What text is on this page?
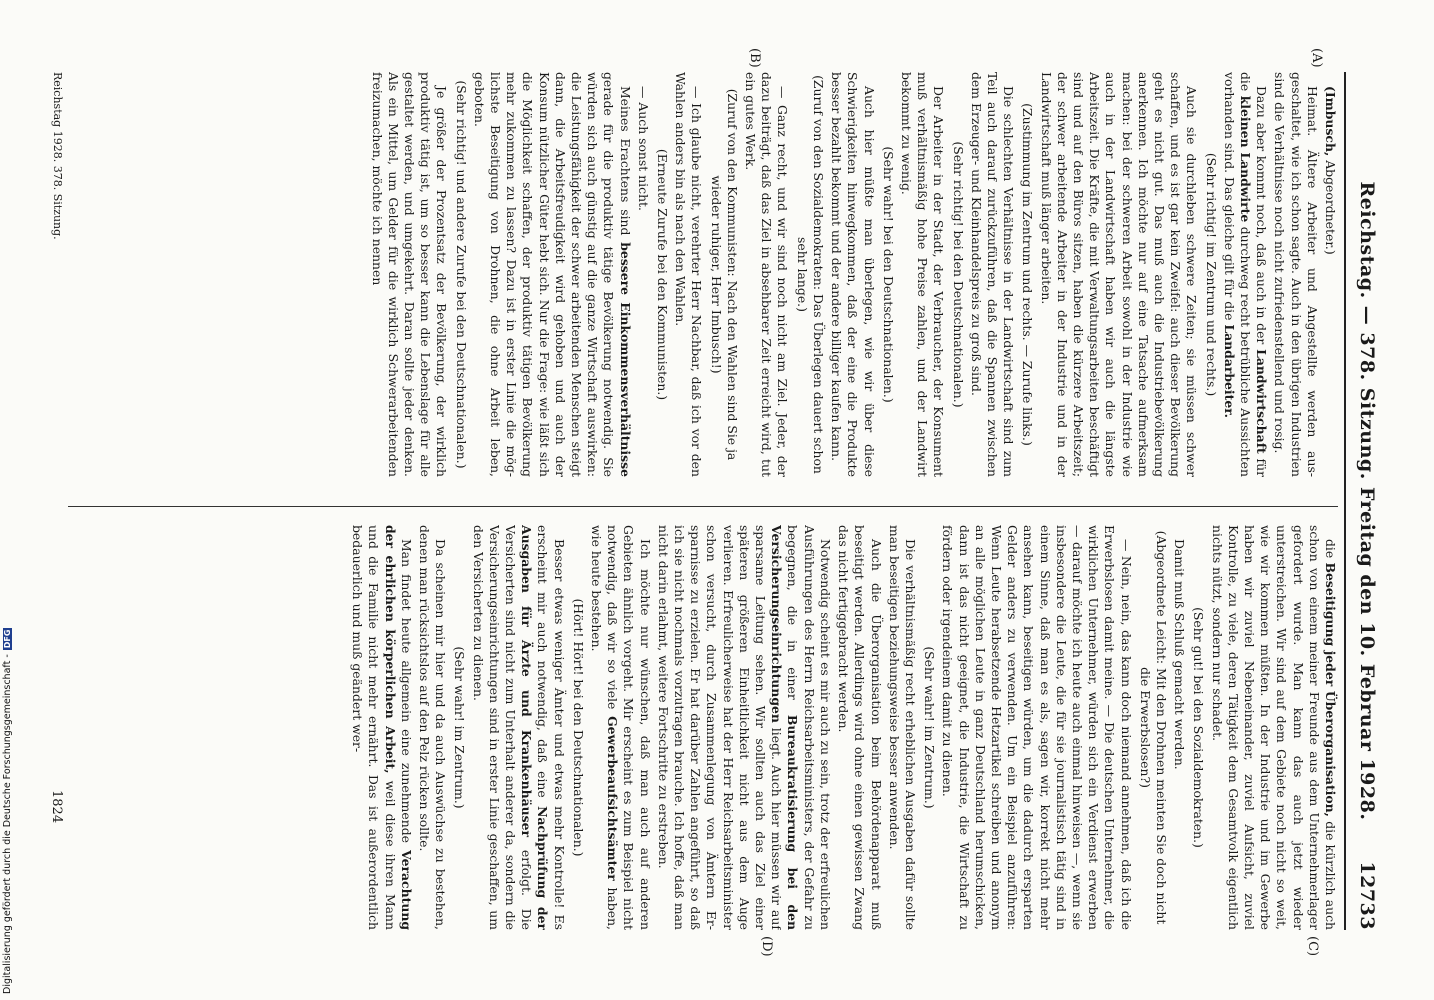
Reichstag. — 378. Sitzung. Freitag den 10. Februar 1928.
12733
(A)
(B)
(C)
(D)

(Imbusch, Abgeordneter.)

Heimat. Ältere Arbeiter und Angestellte werden ausgeschaltet, wie ich schon sagte. Auch in den übrigen Industrien sind die Verhältnisse noch nicht zufriedenstellend und rosig.

Dazu aber kommt noch, daß auch in der Landwirtschaft für die kleinen Landwirte durchweg recht betrübliche Aussichten vorhanden sind. Das gleiche gilt für die Landarbeiter.

(Sehr richtig! im Zentrum und rechts.)

Auch sie durchleben schwere Zeiten; sie müssen schwer schaffen, und es ist gar kein Zweifel: auch dieser Bevölkerung geht es nicht gut. Das muß auch die Industriebevölkerung anerkennen. Ich möchte nur auf eine Tatsache aufmerksam machen: bei der schweren Arbeit sowohl in der Industrie wie auch in der Landwirtschaft haben wir auch die längste Arbeitszeit. Die Kräfte, die mit Verwaltungsarbeiten beschäftigt sind und auf den Büros sitzen, haben die kürzere Arbeitszeit; der schwer arbeitende Arbeiter in der Industrie und in der Landwirtschaft muß länger arbeiten.

(Zustimmung im Zentrum und rechts. — Zurufe links.)

Die schlechten Verhältnisse in der Landwirtschaft sind zum Teil auch darauf zurückzuführen, daß die Spannen zwischen dem Erzeuger- und Kleinhandelspreis zu groß sind.

(Sehr richtig! bei den Deutschnationalen.)

Der Arbeiter in der Stadt, der Verbraucher, der Konsument muß verhältnismäßig hohe Preise zahlen, und der Landwirt bekommt zu wenig.

(Sehr wahr! bei den Deutschnationalen.)

Auch hier müßte man überlegen, wie wir über diese Schwierigkeiten hinwegkommen, daß der eine die Produkte besser bezahlt bekommt und der andere billiger kaufen kann.

(Zuruf von den Sozialdemokraten: Das Überlegen dauert schon sehr lange.)

— Ganz recht, und wir sind noch nicht am Ziel. Jeder, der dazu beiträgt, daß das Ziel in absehbarer Zeit erreicht wird, tut ein gutes Werk.

(Zuruf von den Kommunisten: Nach den Wahlen sind Sie ja wieder ruhiger, Herr Imbusch!)

— Ich glaube nicht, verehrter Herr Nachbar, daß ich vor den Wahlen anders bin als nach den Wahlen.

(Erneute Zurufe bei den Kommunisten.)

— Auch sonst nicht.

Meines Erachtens sind bessere Einkommensverhältnisse gerade für die produktiv tätige Bevölkerung notwendig. Sie würden sich auch günstig auf die ganze Wirtschaft auswirken: die Leistungsfähigkeit der schwer arbeitenden Menschen steigt dann, die Arbeitsfreudigkeit wird gehoben und auch der Konsum nützlicher Güter hebt sich. Nur die Frage: wie läßt sich die Möglichkeit schaffen, der produktiv tätigen Bevölkerung mehr zukommen zu lassen? Dazu ist in erster Linie die möglichste Beseitigung von Drohnen, die ohne Arbeit leben, geboten.

(Sehr richtig! und andere Zurufe bei den Deutschnationalen.)

Je größer der Prozentsatz der Bevölkerung, der wirklich produktiv tätig ist, um so besser kann die Lebenslage für alle gestaltet werden, und umgekehrt. Daran sollte jeder denken. Als ein Mittel, um Gelder für die wirklich Schwerarbeitenden freizumachen, möchte ich nennen

die Beseitigung jeder Überorganisation, die kürzlich auch schon von einem meiner Freunde aus dem Unternehmerlager gefordert wurde. Man kann das auch jetzt wieder unterstreichen. Wir sind auf dem Gebiete noch nicht so weit, wie wir kommen müßten. In der Industrie und im Gewerbe haben wir zuviel Nebeneinander, zuviel Aufsicht, zuviel Kontrolle, zu viele, deren Tätigkeit dem Gesamtvolk eigentlich nichts nützt, sondern nur schadet.

(Sehr gut! bei den Sozialdemokraten.)

Damit muß Schluß gemacht werden.

(Abgeordnete Leicht: Mit den Drohnen meinten Sie doch nicht die Erwerbslosen?)

— Nein, nein, das kann doch niemand annehmen, daß ich die Erwerbslosen damit meine. — Die deutschen Unternehmer, die wirklichen Unternehmer, würden sich ein Verdienst erwerben — darauf möchte ich heute auch einmal hinweisen —, wenn sie insbesondere die Leute, die für sie journalistisch tätig sind in einem Sinne, daß man es als, sagen wir, korrekt nicht mehr ansehen kann, beseitigen würden, um die dadurch ersparten Gelder anders zu verwenden. Um ein Beispiel anzuführen: Wenn Leute herabsetzende Hetzartikel schreiben und anonym an alle möglichen Leute in ganz Deutschland herumschicken, dann ist das nicht geeignet, die Industrie, die Wirtschaft zu fördern oder irgendeinem damit zu dienen.

(Sehr wahr! im Zentrum.)

Die verhältnismäßig recht erheblichen Ausgaben dafür sollte man beseitigen beziehungsweise besser anwenden.

Auch die Überorganisation beim Behördenapparat muß beseitigt werden. Allerdings wird ohne einen gewissen Zwang das nicht fertiggebracht werden.

Notwendig scheint es mir auch zu sein, trotz der erfreulichen Ausführungen des Herrn Reichsarbeitsministers, der Gefahr zu begegnen, die in einer Bureaukratisierung bei den Versicherungseinrichtungen liegt. Auch hier müssen wir auf sparsame Leitung sehen. Wir sollten auch das Ziel einer späteren größeren Einheitlichkeit nicht aus dem Auge verlieren. Erfreulicherweise hat der Herr Reichsarbeitsminister schon versucht, durch Zusammenlegung von Ämtern Ersparnisse zu erzielen. Er hat darüber Zahlen angeführt, so daß ich sie nicht nochmals vorzutragen brauche. Ich hoffe, daß man nicht darin erlahmt, weitere Fortschritte zu erstreben.

Ich möchte nur wünschen, daß man auch auf anderen Gebieten ähnlich vorgeht. Mir erscheint es zum Beispiel nicht notwendig, daß wir so viele Gewerbeaufsichtsämter haben, wie heute bestehen.

(Hört! Hört! bei den Deutschnationalen.)

Besser etwas weniger Ämter und etwas mehr Kontrolle! Es erscheint mir auch notwendig, daß eine Nachprüfung der Ausgaben für Ärzte und Krankenhäuser erfolgt. Die Versicherten sind nicht zum Unterhalt anderer da, sondern die Versicherungseinrichtungen sind in erster Linie geschaffen, um den Versicherten zu dienen.

(Sehr wahr! im Zentrum.)

Da scheinen mir hier und da auch Auswüchse zu bestehen, denen man rücksichtslos auf den Pelz rücken sollte.

Man findet heute allgemein eine zunehmende Verachtung der ehrlichen körperlichen Arbeit, weil diese ihren Mann und die Familie nicht mehr ernährt. Das ist außerordentlich bedauerlich und muß geändert wer-

Reichstag 1928. 378. Sitzung.
1824
Digitalisierung gefördert durch die Deutsche Forschungsgemeinschaft -DFG
